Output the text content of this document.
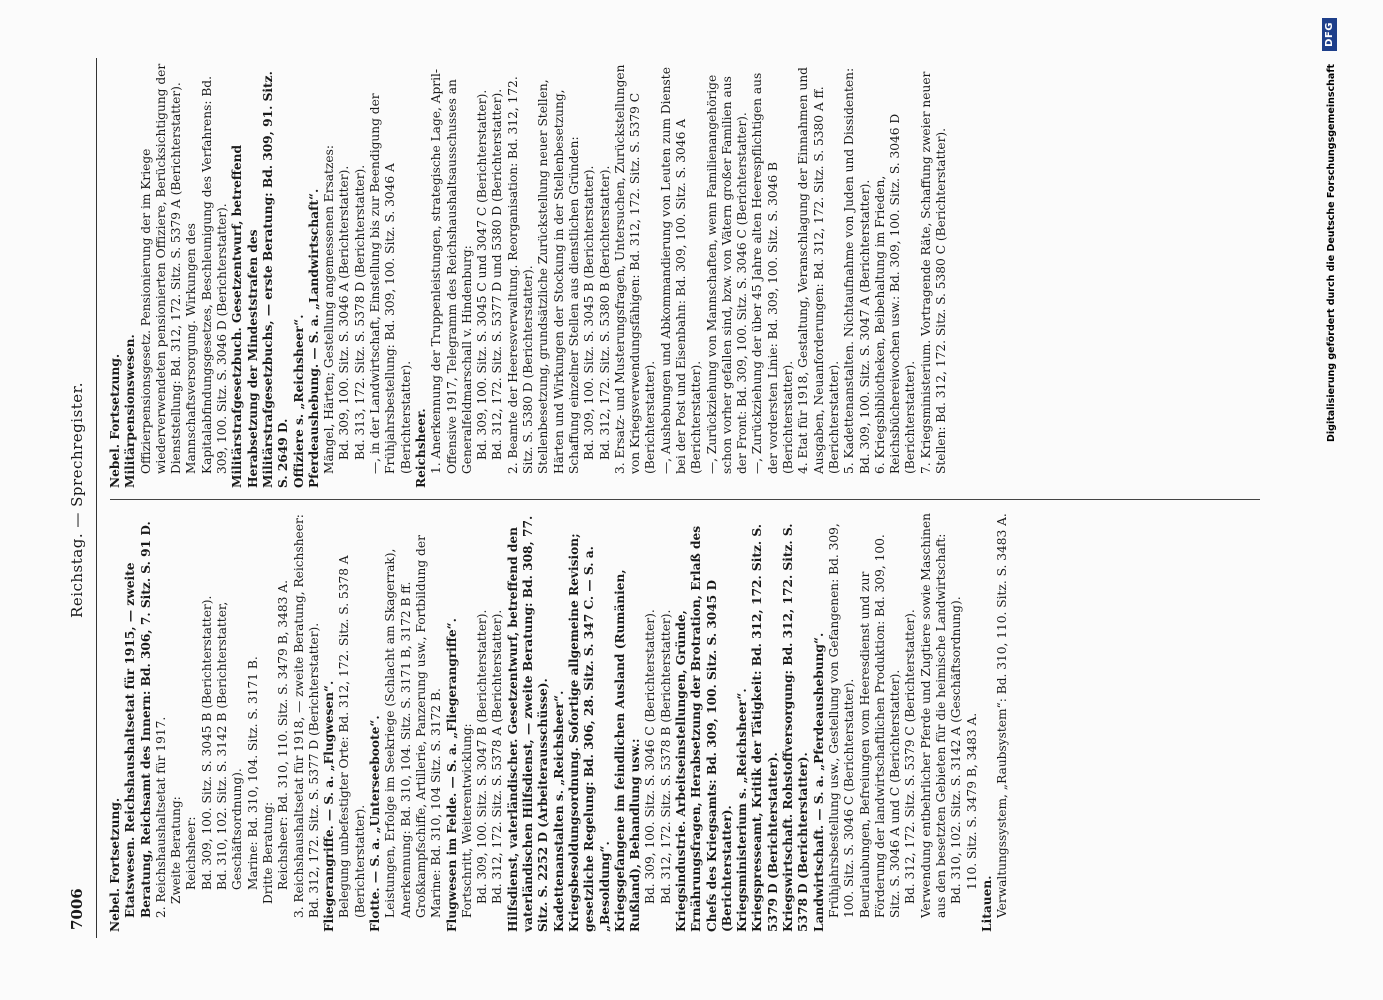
7006
Reichstag. — Sprechregister.

Nebel. Fortsetzung. Etatswesen. Reichshaushaltsetat für 1915, — zweite Beratung, Reichsamt des Innern: Bd. 306, 7. Sitz. S. 91 D. 2. Reichshaushaltsetat für 1917. Zweite Beratung: Reichsheer: Bd. 309, 100. Sitz. S. 3045 B (Berichterstatter). Bd. 310, 102. Sitz. S. 3142 B (Berichterstatter, Geschäftsordnung). Marine: Bd. 310, 104. Sitz. S. 3171 B. Dritte Beratung: Reichsheer: Bd. 310, 110. Sitz. S. 3479 B, 3483 A. 3. Reichshaushaltsetat für 1918, — zweite Beratung, Reichsheer: Bd. 312, 172. Sitz. S. 5377 D (Berichterstatter). Fliegerangriffe. — S. a. „Flugwesen“. Belegung unbefestigter Orte: Bd. 312, 172. Sitz. S. 5378 A (Berichterstatter). Flotte. — S. a. „Unterseeboote“. Leistungen, Erfolge im Seekriege (Schlacht am Skagerrak), Anerkennung: Bd. 310, 104. Sitz. S. 3171 B, 3172 B ff. Großkampfschiffe, Artillerie, Panzerung usw., Fortbildung der Marine: Bd. 310, 104 Sitz. S. 3172 B. Flugwesen im Felde. — S. a. „Fliegerangriffe“. Fortschritt, Weiterentwicklung: Bd. 309, 100. Sitz. S. 3047 B (Berichterstatter). Bd. 312, 172. Sitz. S. 5378 A (Berichterstatter). Hilfsdienst, vaterländischer. Gesetzentwurf, betreffend den vaterländischen Hilfsdienst, — zweite Beratung: Bd. 308, 77. Sitz. S. 2252 D (Arbeiterausschüsse). Kadettenanstalten s. „Reichsheer“. Kriegsbesoldungsordnung. Sofortige allgemeine Revision; gesetzliche Regelung: Bd. 306, 28. Sitz. S. 347 C. — S. a. „Besoldung“. Kriegsgefangene im feindlichen Ausland (Rumänien, Rußland), Behandlung usw.: Bd. 309, 100. Sitz. S. 3046 C (Berichterstatter). Bd. 312, 172. Sitz. S. 5378 B (Berichterstatter). Kriegsindustrie. Arbeitseinstellungen, Gründe, Ernährungsfragen, Herabsetzung der Brotration, Erlaß des Chefs des Kriegsamts: Bd. 309, 100. Sitz. S. 3045 D (Berichterstatter). Kriegsministerium s. „Reichsheer“. Kriegspresseamt, Kritik der Tätigkeit: Bd. 312, 172. Sitz. S. 5379 D (Berichterstatter). Kriegswirtschaft. Rohstoffversorgung: Bd. 312, 172. Sitz. S. 5378 D (Berichterstatter). Landwirtschaft. — S. a. „Pferdeaushebung“. Frühjahrsbestellung usw., Gestellung von Gefangenen: Bd. 309, 100. Sitz. S. 3046 C (Berichterstatter). Beurlaubungen, Befreiungen vom Heeresdienst und zur Förderung der landwirtschaftlichen Produktion: Bd. 309, 100. Sitz. S. 3046 A und C (Berichterstatter). Bd. 312, 172. Sitz. S. 5379 C (Berichterstatter). Verwendung entbehrlicher Pferde und Zugtiere sowie Maschinen aus den besetzten Gebieten für die heimische Landwirtschaft: Bd. 310, 102. Sitz. S. 3142 A (Geschäftsordnung). 110. Sitz. S. 3479 B, 3483 A.

Litauen. Verwaltungssystem, „Raubsystem“: Bd. 310, 110. Sitz. S. 3483 A.

Nebel. Fortsetzung. Militärpensionswesen. Offizierpensionsgesetz. Pensionierung der im Kriege wiederverwendeten pensionierten Offiziere, Berücksichtigung der Dienststellung: Bd. 312, 172. Sitz. S. 5379 A (Berichterstatter). Mannschaftsversorgung. Wirkungen des Kapitalabfindungsgesetzes, Beschleunigung des Verfahrens: Bd. 309, 100. Sitz. S. 3046 D (Berichterstatter). Militärstrafgesetzbuch. Gesetzentwurf, betreffend Herabsetzung der Mindeststrafen des Militärstrafgesetzbuchs, — erste Beratung: Bd. 309, 91. Sitz. S. 2649 D. Offiziere s. „Reichsheer“. Pferdeaushebung. — S. a. „Landwirtschaft“. Mängel, Härten; Gestellung angemessenen Ersatzes: Bd. 309, 100. Sitz. S. 3046 A (Berichterstatter). Bd. 313, 172. Sitz. S. 5378 D (Berichterstatter). —, in der Landwirtschaft, Einstellung bis zur Beendigung der Frühjahrsbestellung: Bd. 309, 100. Sitz. S. 3046 A (Berichterstatter). Reichsheer. 1. Anerkennung der Truppenleistungen, strategische Lage, April-Offensive 1917, Telegramm des Reichshaushaltsausschusses an Generalfeldmarschall v. Hindenburg: Bd. 309, 100. Sitz. S. 3045 C und 3047 C (Berichterstatter). Bd. 312, 172. Sitz. S. 5377 D und 5380 D (Berichterstatter). 2. Beamte der Heeresverwaltung. Reorganisation: Bd. 312, 172. Sitz. S. 5380 D (Berichterstatter). Stellenbesetzung, grundsätzliche Zurückstellung neuer Stellen, Härten und Wirkungen der Stockung in der Stellenbesetzung, Schaffung einzelner Stellen aus dienstlichen Gründen: Bd. 309, 100. Sitz. S. 3045 B (Berichterstatter). Bd. 312, 172. Sitz. S. 5380 B (Berichterstatter). 3. Ersatz- und Musterungsfragen, Untersuchen, Zurückstellungen von Kriegsverwendungsfähigen: Bd. 312, 172. Sitz. S. 5379 C (Berichterstatter). —, Aushebungen und Abkommandierung von Leuten zum Dienste bei der Post und Eisenbahn: Bd. 309, 100. Sitz. S. 3046 A (Berichterstatter). —, Zurückziehung von Mannschaften, wenn Familienangehörige schon vorher gefallen sind, bzw. von Vätern großer Familien aus der Front: Bd. 309, 100. Sitz. S. 3046 C (Berichterstatter). —, Zurückziehung der über 45 Jahre alten Heerespflichtigen aus der vordersten Linie: Bd. 309, 100. Sitz. S. 3046 B (Berichterstatter). 4. Etat für 1918, Gestaltung, Veranschlagung der Einnahmen und Ausgaben, Neuanforderungen: Bd. 312, 172. Sitz. S. 5380 A ff. (Berichterstatter). 5. Kadettenanstalten. Nichtaufnahme von Juden und Dissidenten: Bd. 309, 100. Sitz. S. 3047 A (Berichterstatter). 6. Kriegsbibliotheken, Beibehaltung im Frieden, Reichsbüchereiwochen usw.: Bd. 309, 100. Sitz. S. 3046 D (Berichterstatter). 7. Kriegsministerium. Vortragende Räte, Schaffung zweier neuer Stellen: Bd. 312, 172. Sitz. S. 5380 C (Berichterstatter).	Digitalisierung gefördert durch die Deutsche Forschungsgemeinschaft
DFG
